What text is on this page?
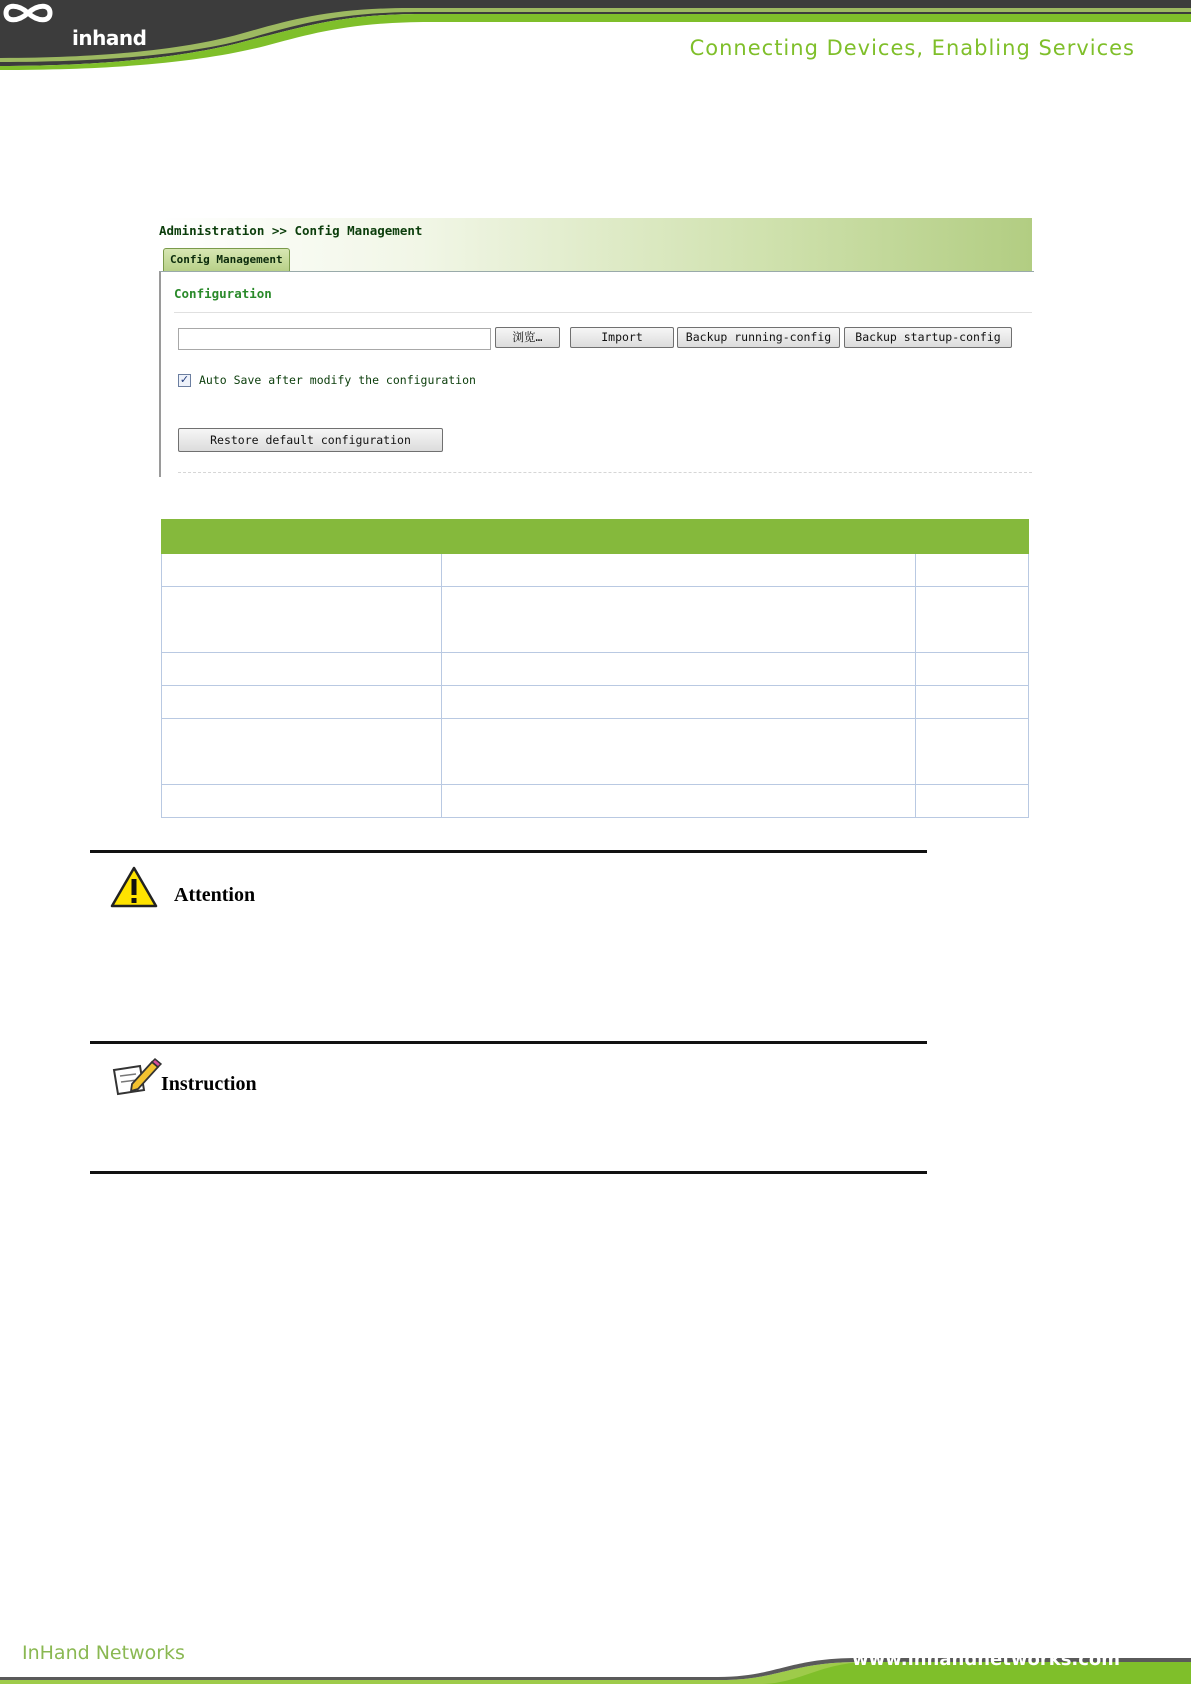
inhand	Connecting Devices, Enabling Services
Administration >> Config Management
Config Management
Configuration
浏览…	Import	Backup running-config	Backup startup-config
✓ Auto Save after modify the configuration
Restore default configuration

Attention
Instruction
InHand Networks	www.inhandnetworks.com
